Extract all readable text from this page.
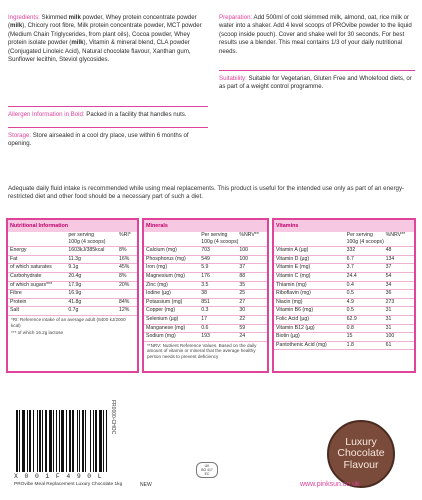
Ingredients: Skimmed milk powder, Whey protein concentrate powder (milk), Chicory root fibre, Milk protein concentrate powder, MCT powder (Medium Chain Triglycerides, from plant oils), Cocoa powder, Whey protein isolate powder (milk), Vitamin & mineral blend, CLA powder (Conjugated Linoleic Acid), Natural chocolate flavour, Xanthan gum, Sunflower lecithin, Steviol glycosides.
Allergen Information in Bold: Packed in a facility that handles nuts.
Storage: Store airsealed in a cool dry place, use within 6 months of opening.
Preparation: Add 500ml of cold skimmed milk, almond, oat, rice milk or water into a shaker. Add 4 level scoops of PROvibe powder to the liquid (scoop inside pouch). Cover and shake well for 30 seconds. For best results use a blender. This meal contains 1/3 of your daily nutritional needs.
Suitability: Suitable for Vegetarian, Gluten Free and Wholefood diets, or as part of a weight control programme.
Adequate daily fluid intake is recommended while using meal replacements. This product is useful for the intended use only as part of an energy-restricted diet and other food should be a necessary part of such a diet.
Nutritional Information		
	per serving	%RI*
	100g (4 scoops)	
Energy	1603kJ/385kcal	8%
Fat	11.3g	16%
of which saturates	9.1g	45%
Carbohydrate	20.4g	8%
of which sugars***	17.9g	20%
Fibre	16.9g	
Protein	41.8g	84%
Salt	0.7g	12%
*RI: Reference intake of an average adult (8400 kJ/2000 kcal)
*** of which 16.2g lactose
Minerals		
	Per serving	%NRV**
	100g (4 scoops)	
Calcium (mg)	703	100
Phosphorus (mg)	549	100
Iron (mg)	5.9	37
Magnesium (mg)	176	88
Zinc (mg)	3.5	35
Iodine (µg)	38	25
Potassium (mg)	851	27
Copper (mg)	0.3	30
Selenium (µg)	17	22
Manganese (mg)	0.6	59
Sodium (mg)	193	24
**NRV: Nutrient Reference Values. Based on the daily amount of vitamin or mineral that the average healthy person needs to prevent deficiency
Vitamins		
	Per serving	%NRV**
	100g (4 scoops)	
Vitamin A (µg)	332	48
Vitamin D (µg)	6.7	134
Vitamin E (mg)	3.7	37
Vitamin C (mg)	24.4	54
Thiamin (mg)	0.4	34
Riboflavin (mg)	0.5	36
Niacin (mg)	4.9	273
Vitamin B6 (mg)	0.5	31
Folic Acid (µg)	62.9	31
Vitamin B12 (µg)	0.8	31
Biotin (µg)	15	100
Pantothenic Acid (mg)	1.8	61
X 0 0 1 F 4 9 0 L
PROvibe Meal Replacement Luxury Chocolate 1kg	NEW
FR0000-CHOC
UK
BO 417
EC
Luxury
Chocolate
Flavour
www.pinksun.co.uk
